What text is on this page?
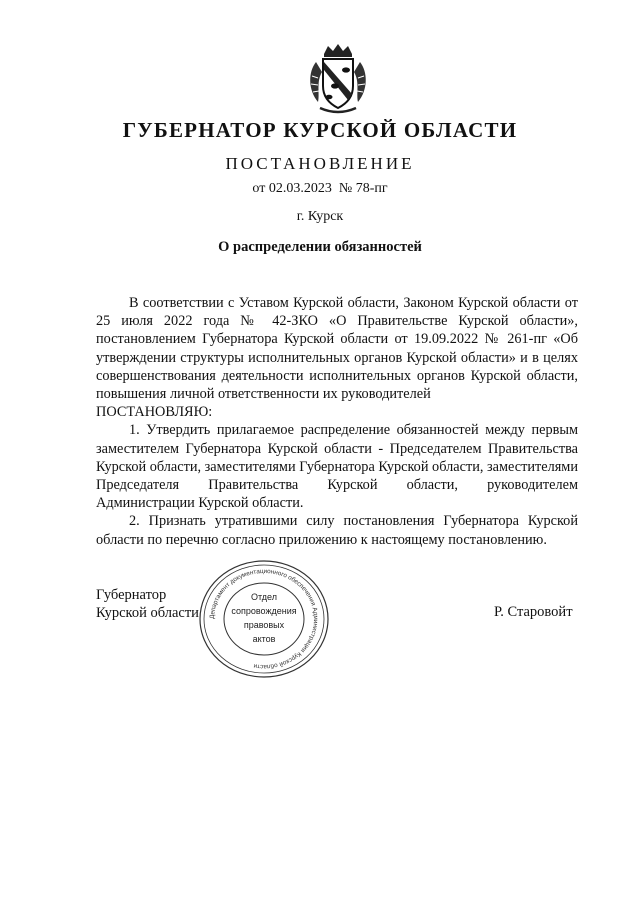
ГУБЕРНАТОР КУРСКОЙ ОБЛАСТИ
ПОСТАНОВЛЕНИЕ
от 02.03.2023  № 78-пг
г. Курск
О распределении обязанностей

В соответствии с Уставом Курской области, Законом Курской области от 25 июля 2022 года № 42-ЗКО «О Правительстве Курской области», постановлением Губернатора Курской области от 19.09.2022 № 261-пг «Об утверждении структуры исполнительных органов Курской области» и в целях совершенствования деятельности исполнительных органов Курской области, повышения личной ответственности их руководителей

ПОСТАНОВЛЯЮ:

1. Утвердить прилагаемое распределение обязанностей между первым заместителем Губернатора Курской области - Председателем Правительства Курской области, заместителями Губернатора Курской области, заместителями Председателя Правительства Курской области, руководителем Администрации Курской области.

2. Признать утратившими силу постановления Губернатора Курской области по перечню согласно приложению к настоящему постановлению.

Губернатор
Курской области	Р. Старовойт
Департамент документационного обеспечения Администрации Курской области
Отдел
сопровождения
правовых
актов
